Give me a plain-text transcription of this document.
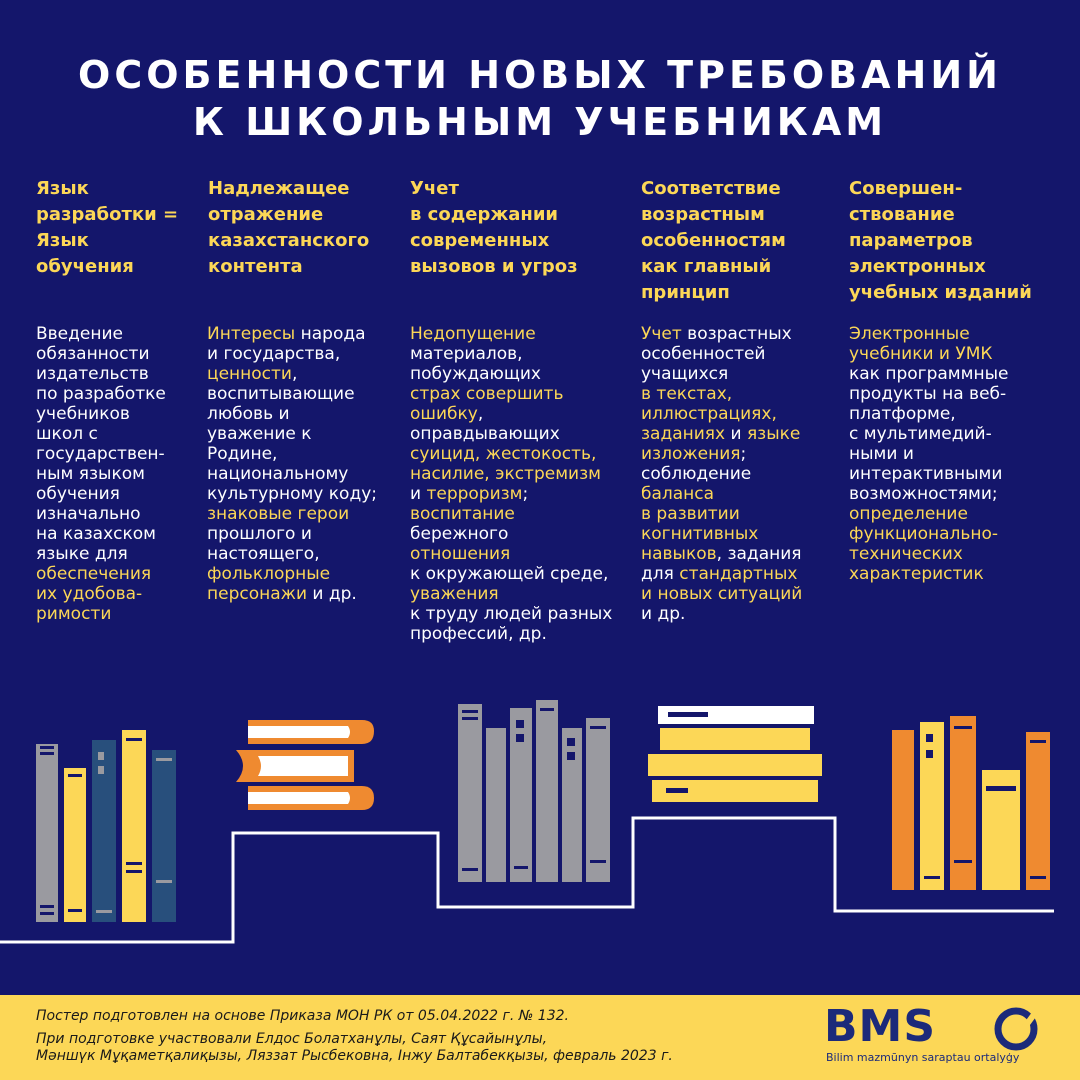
ОСОБЕННОСТИ НОВЫХ ТРЕБОВАНИЙ
К ШКОЛЬНЫМ УЧЕБНИКАМ
Язык
разработки =
Язык
обучения
Надлежащее
отражение
казахстанского
контента
Учет
в содержании
современных
вызовов и угроз
Соответствие
возрастным
особенностям
как главный
принцип
Совершен-
ствование
параметров
электронных
учебных изданий
Введение
обязанности
издательств
по разработке
учебников
школ с
государствен-
ным языком
обучения
изначально
на казахском
языке для
обеспечения
их удобова-
римости
Интересы народа
и государства,
ценности,
воспитывающие
любовь и
уважение к
Родине,
национальному
культурному коду;
знаковые герои
прошлого и
настоящего,
фольклорные
персонажи и др.
Недопущение
материалов,
побуждающих
страх совершить
ошибку,
оправдывающих
суицид, жестокость,
насилие, экстремизм
и терроризм;
воспитание
бережного
отношения
к окружающей среде,
уважения
к труду людей разных
профессий, др.
Учет возрастных
особенностей
учащихся
в текстах,
иллюстрациях,
заданиях и языке
изложения;
соблюдение
баланса
в развитии
когнитивных
навыков, задания
для стандартных
и новых ситуаций
и др.
Электронные
учебники и УМК
как программные
продукты на веб-
платформе,
с мультимедий-
ными и
интерактивными
возможностями;
определение
функционально-
технических
характеристик
Постер подготовлен на основе Приказа МОН РК от 05.04.2022 г. № 132.
При подготовке участвовали Елдос Болатханұлы, Саят Құсайынұлы,
Мәншүк Мұқаметқалиқызы, Ляззат Рысбековна, Інжу Балтабекқызы, февраль 2023 г.
BMS
Bilim mazmūnyn saraptau ortalyģy
